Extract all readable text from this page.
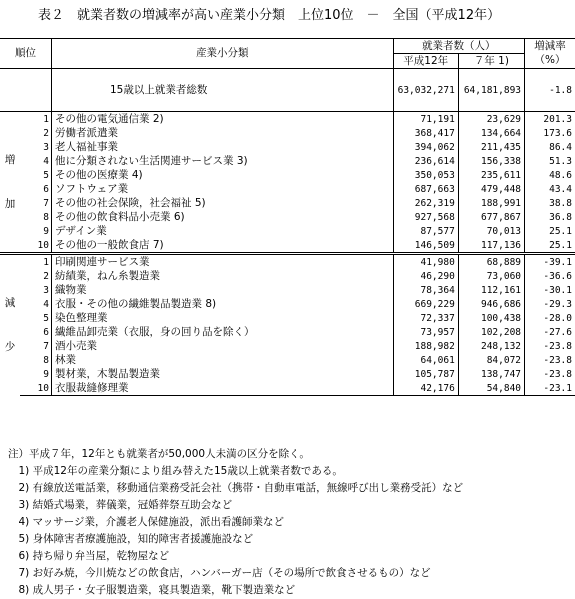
表２　就業者数の増減率が高い産業小分類　上位10位　－　全国（平成12年）
順位		産業小分類	就業者数（人）		増減率
			平成12年	７年 1)	（%）

		15歳以上就業者総数	63,032,271	64,181,893	-1.8

増
加	1	その他の電気通信業 2)	71,191	23,629	201.3
	2	労働者派遣業	368,417	134,664	173.6
	3	老人福祉事業	394,062	211,435	86.4
	4	他に分類されない生活関連サービス業 3)	236,614	156,338	51.3
	5	その他の医療業 4)	350,053	235,611	48.6
	6	ソフトウェア業	687,663	479,448	43.4
	7	その他の社会保険，社会福祉 5)	262,319	188,991	38.8
	8	その他の飲食料品小売業 6)	927,568	677,867	36.8
	9	デザイン業	87,577	70,013	25.1
	10	その他の一般飲食店 7)	146,509	117,136	25.1

減
少	1	印刷関連サービス業	41,980	68,889	-39.1
	2	紡績業，ねん糸製造業	46,290	73,060	-36.6
	3	織物業	78,364	112,161	-30.1
	4	衣服・その他の繊維製品製造業 8)	669,229	946,686	-29.3
	5	染色整理業	72,337	100,438	-28.0
	6	繊維品卸売業（衣服，身の回り品を除く）	73,957	102,208	-27.6
	7	酒小売業	188,982	248,132	-23.8
	8	林業	64,061	84,072	-23.8
	9	製材業，木製品製造業	105,787	138,747	-23.8
	10	衣服裁縫修理業	42,176	54,840	-23.1
注）平成７年，12年とも就業者が50,000人未満の区分を除く。
　1) 平成12年の産業分類により組み替えた15歳以上就業者数である。
　2) 有線放送電話業，移動通信業務受託会社（携帯・自動車電話，無線呼び出し業務受託）など
　3) 結婚式場業，葬儀業，冠婚葬祭互助会など
　4) マッサージ業，介護老人保健施設，派出看護師業など
　5) 身体障害者療護施設，知的障害者援護施設など
　6) 持ち帰り弁当屋，乾物屋など
　7) お好み焼，今川焼などの飲食店，ハンバーガー店（その場所で飲食させるもの）など
　8) 成人男子・女子服製造業，寝具製造業，靴下製造業など
